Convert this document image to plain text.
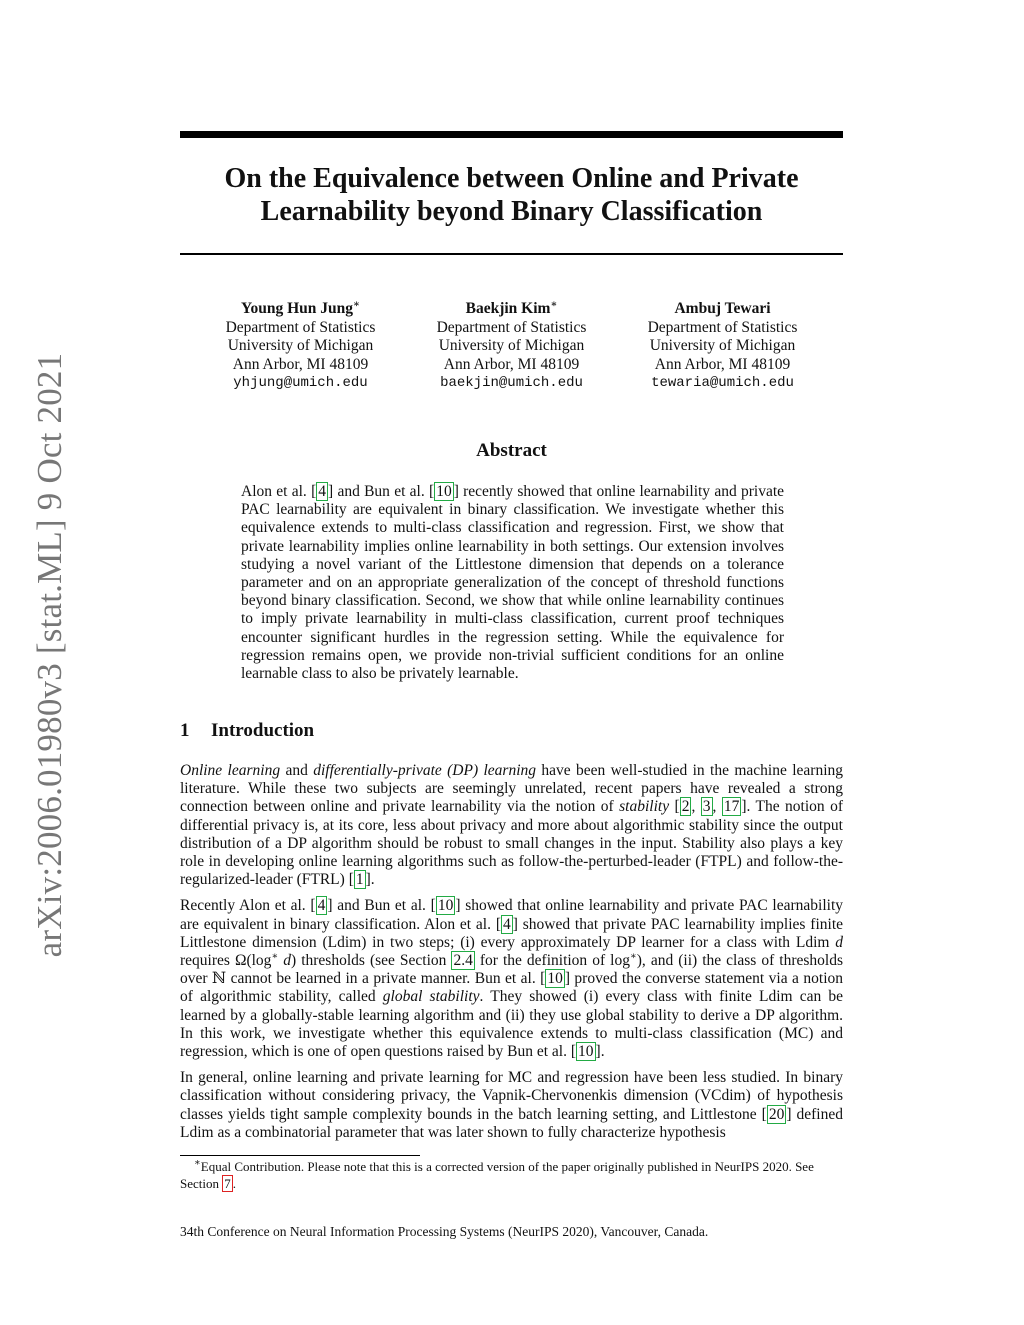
arXiv:2006.01980v3 [stat.ML] 9 Oct 2021
On the Equivalence between Online and Private
Learnability beyond Binary Classification
Young Hun Jung∗
Department of Statistics
University of Michigan
Ann Arbor, MI 48109
yhjung@umich.edu
Baekjin Kim∗
Department of Statistics
University of Michigan
Ann Arbor, MI 48109
baekjin@umich.edu
Ambuj Tewari
Department of Statistics
University of Michigan
Ann Arbor, MI 48109
tewaria@umich.edu
Abstract
Alon et al. [ 4 ] and Bun et al. [ 10 ] recently showed that online learnability and private PAC learnability are equivalent in binary classification. We investigate whether this equivalence extends to multi-class classification and regression. First, we show that private learnability implies online learnability in both settings. Our extension involves studying a novel variant of the Littlestone dimension that depends on a tolerance parameter and on an appropriate generalization of the concept of threshold functions beyond binary classification. Second, we show that while online learnability continues to imply private learnability in multi-class classification, current proof techniques encounter significant hurdles in the regression setting. While the equivalence for regression remains open, we provide non-trivial sufficient conditions for an online learnable class to also be privately learnable.
1 Introduction

Online learning and differentially-private (DP) learning have been well-studied in the machine learning literature. While these two subjects are seemingly unrelated, recent papers have revealed a strong connection between online and private learnability via the notion of stability [ 2 , 3 , 17 ]. The notion of differential privacy is, at its core, less about privacy and more about algorithmic stability since the output distribution of a DP algorithm should be robust to small changes in the input. Stability also plays a key role in developing online learning algorithms such as follow-the-perturbed-leader (FTPL) and follow-the-regularized-leader (FTRL) [ 1 ].

Recently Alon et al. [ 4 ] and Bun et al. [ 10 ] showed that online learnability and private PAC learnability are equivalent in binary classification. Alon et al. [ 4 ] showed that private PAC learnability implies finite Littlestone dimension (Ldim) in two steps; (i) every approximately DP learner for a class with Ldim d requires Ω(log∗ d) thresholds (see Section 2.4 for the definition of log∗), and (ii) the class of thresholds over ℕ cannot be learned in a private manner. Bun et al. [ 10 ] proved the converse statement via a notion of algorithmic stability, called global stability. They showed (i) every class with finite Ldim can be learned by a globally-stable learning algorithm and (ii) they use global stability to derive a DP algorithm. In this work, we investigate whether this equivalence extends to multi-class classification (MC) and regression, which is one of open questions raised by Bun et al. [ 10 ].

In general, online learning and private learning for MC and regression have been less studied. In binary classification without considering privacy, the Vapnik-Chervonenkis dimension (VCdim) of hypothesis classes yields tight sample complexity bounds in the batch learning setting, and Littlestone [ 20 ] defined Ldim as a combinatorial parameter that was later shown to fully characterize hypothesis

∗Equal Contribution. Please note that this is a corrected version of the paper originally published in NeurIPS 2020. See Section 7 .
34th Conference on Neural Information Processing Systems (NeurIPS 2020), Vancouver, Canada.
